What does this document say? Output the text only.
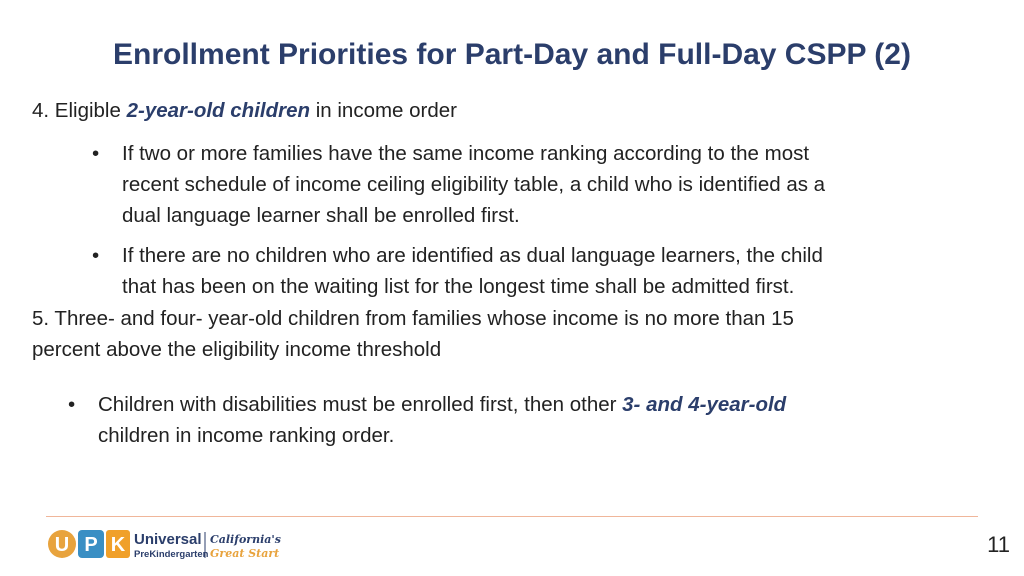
Enrollment Priorities for Part-Day and Full-Day CSPP (2)
4. Eligible 2-year-old children in income order
• If two or more families have the same income ranking according to the most
recent schedule of income ceiling eligibility table, a child who is identified as a
dual language learner shall be enrolled first.
• If there are no children who are identified as dual language learners, the child
that has been on the waiting list for the longest time shall be admitted first.
5. Three- and four- year-old children from families whose income is no more than 15
percent above the eligibility income threshold
• Children with disabilities must be enrolled first, then other 3- and 4-year-old
children in income ranking order.
U P K Universal
PreKindergarten
California's
Great Start	11
